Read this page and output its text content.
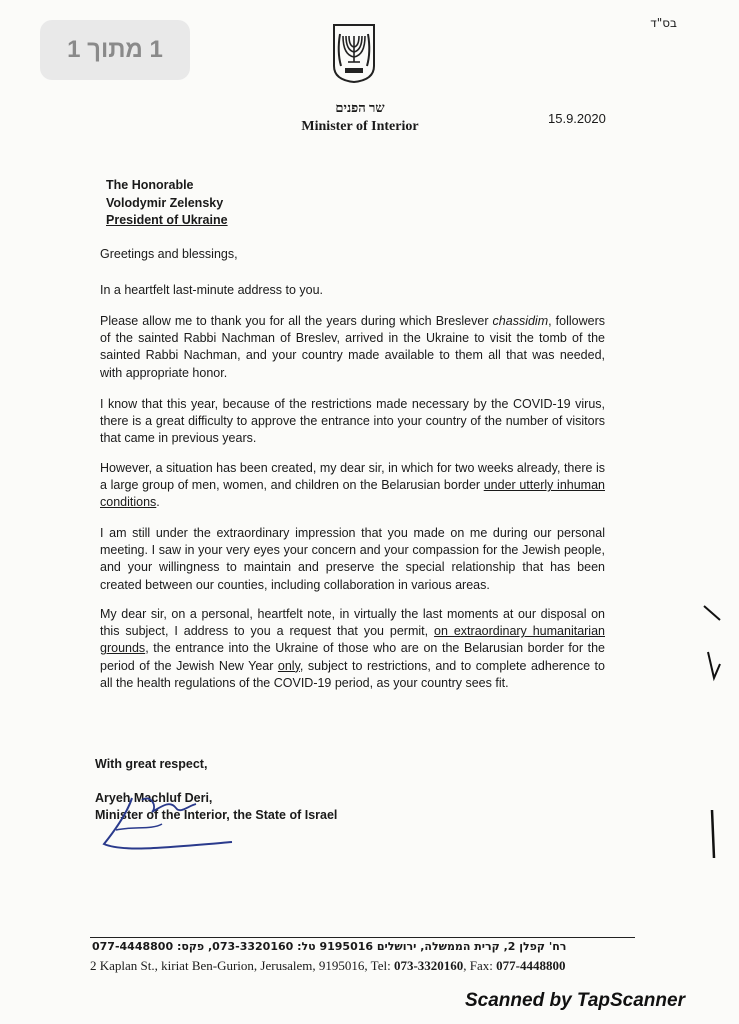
1 מתוך 1
בס"ד
שר הפנים
Minister of Interior
15.9.2020
The Honorable
Volodymir Zelensky
President of Ukraine

Greetings and blessings,

In a heartfelt last-minute address to you.

Please allow me to thank you for all the years during which Breslever chassidim, followers of the sainted Rabbi Nachman of Breslev, arrived in the Ukraine to visit the tomb of the sainted Rabbi Nachman, and your country made available to them all that was needed, with appropriate honor.

I know that this year, because of the restrictions made necessary by the COVID-19 virus, there is a great difficulty to approve the entrance into your country of the number of visitors that came in previous years.

However, a situation has been created, my dear sir, in which for two weeks already, there is a large group of men, women, and children on the Belarusian border under utterly inhuman conditions.

I am still under the extraordinary impression that you made on me during our personal meeting. I saw in your very eyes your concern and your compassion for the Jewish people, and your willingness to maintain and preserve the special relationship that has been created between our counties, including collaboration in various areas.

My dear sir, on a personal, heartfelt note, in virtually the last moments at our disposal on this subject, I address to you a request that you permit, on extraordinary humanitarian grounds, the entrance into the Ukraine of those who are on the Belarusian border for the period of the Jewish New Year only, subject to restrictions, and to complete adherence to all the health regulations of the COVID-19 period, as your country sees fit.

With great respect,
Aryeh Machluf Deri,
Minister of the Interior, the State of Israel
רח' קפלן 2, קרית הממשלה, ירושלים 9195016 טל: 073-3320160, פקס: 077-4448800
2 Kaplan St., kiriat Ben-Gurion, Jerusalem, 9195016, Tel: 073-3320160, Fax: 077-4448800
Scanned by TapScanner
